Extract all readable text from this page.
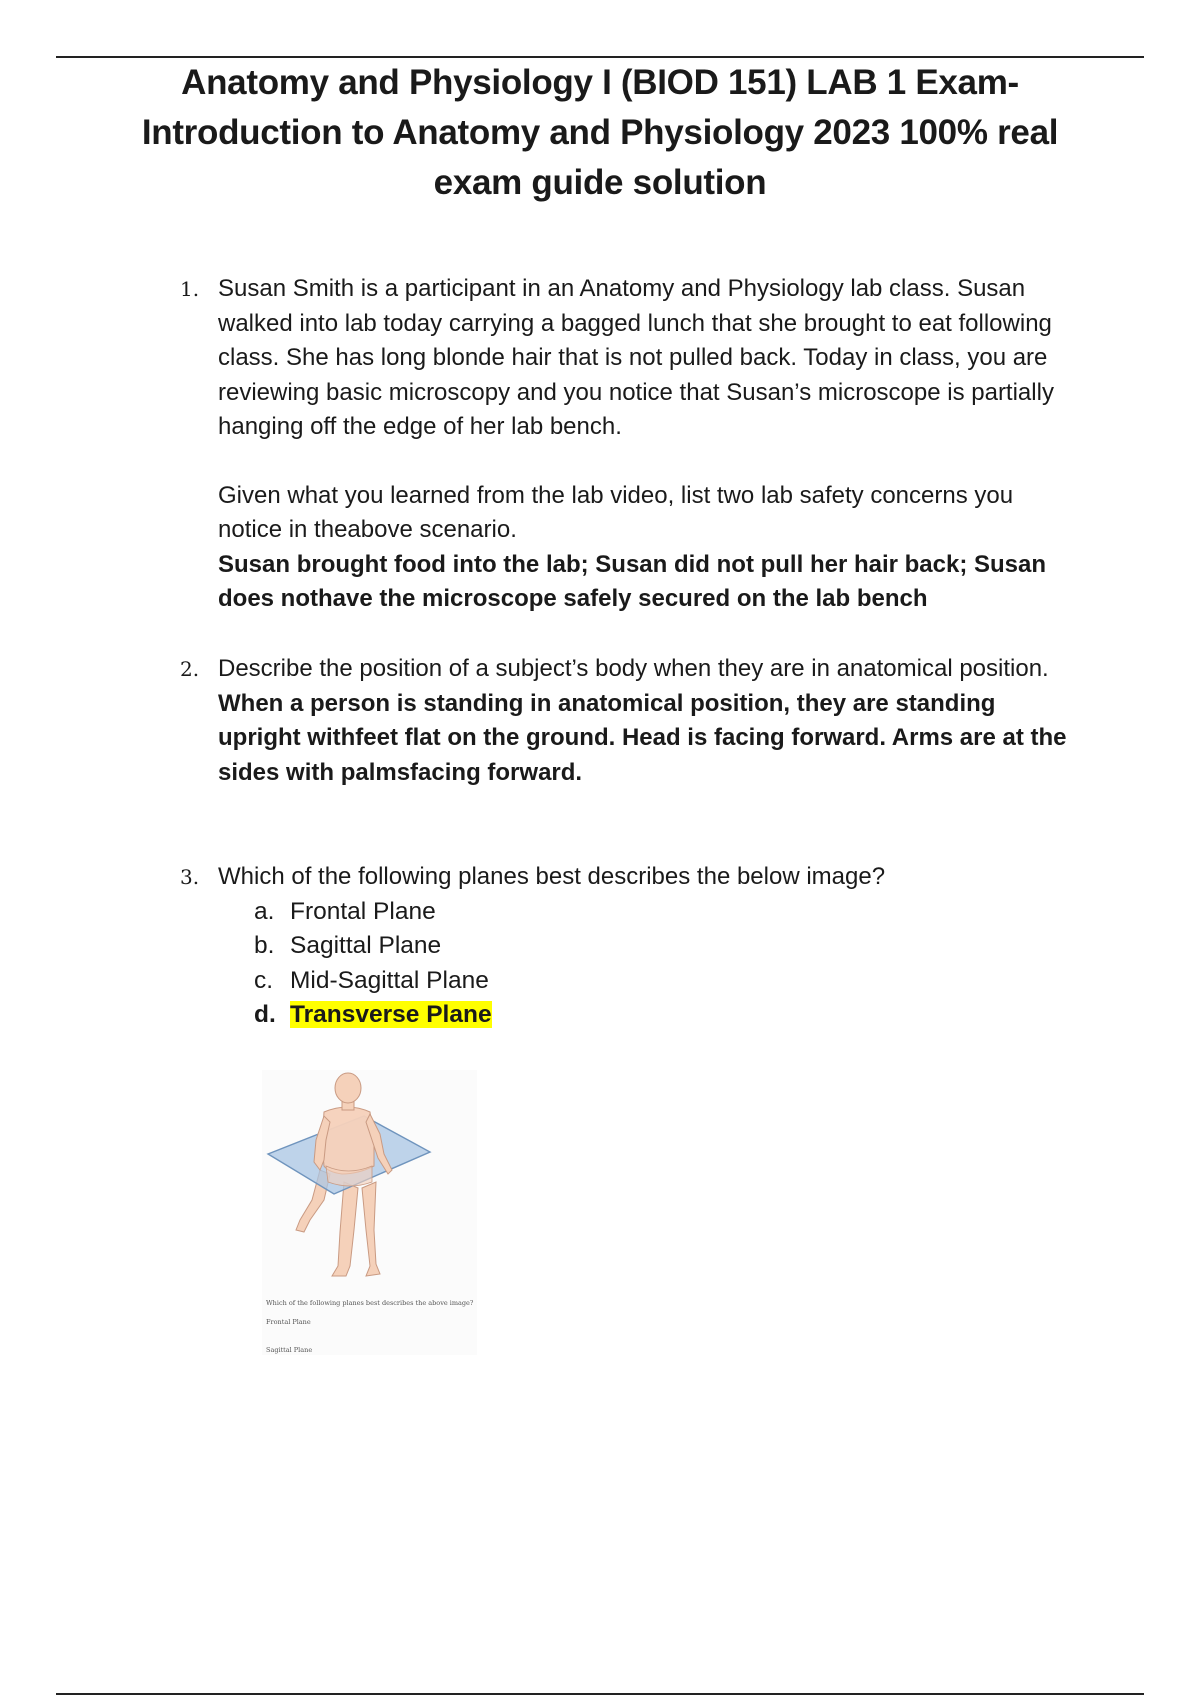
Anatomy and Physiology I (BIOD 151) LAB 1 Exam- Introduction to Anatomy and Physiology 2023 100% real exam guide solution
1. Susan Smith is a participant in an Anatomy and Physiology lab class. Susan walked into lab today carrying a bagged lunch that she brought to eat following class. She has long blonde hair that is not pulled back. Today in class, you are reviewing basic microscopy and you notice that Susan’s microscope is partially hanging off the edge of her lab bench.

Given what you learned from the lab video, list two lab safety concerns you notice in theabove scenario.

Susan brought food into the lab; Susan did not pull her hair back; Susan does nothave the microscope safely secured on the lab bench

2. Describe the position of a subject’s body when they are in anatomical position.

When a person is standing in anatomical position, they are standing upright withfeet flat on the ground. Head is facing forward. Arms are at the sides with palmsfacing forward.

3. Which of the following planes best describes the below image?

a. Frontal Plane
b. Sagittal Plane
c. Mid-Sagittal Plane
d. Transverse Plane
Which of the following planes best describes the above image?
Frontal Plane
Sagittal Plane
